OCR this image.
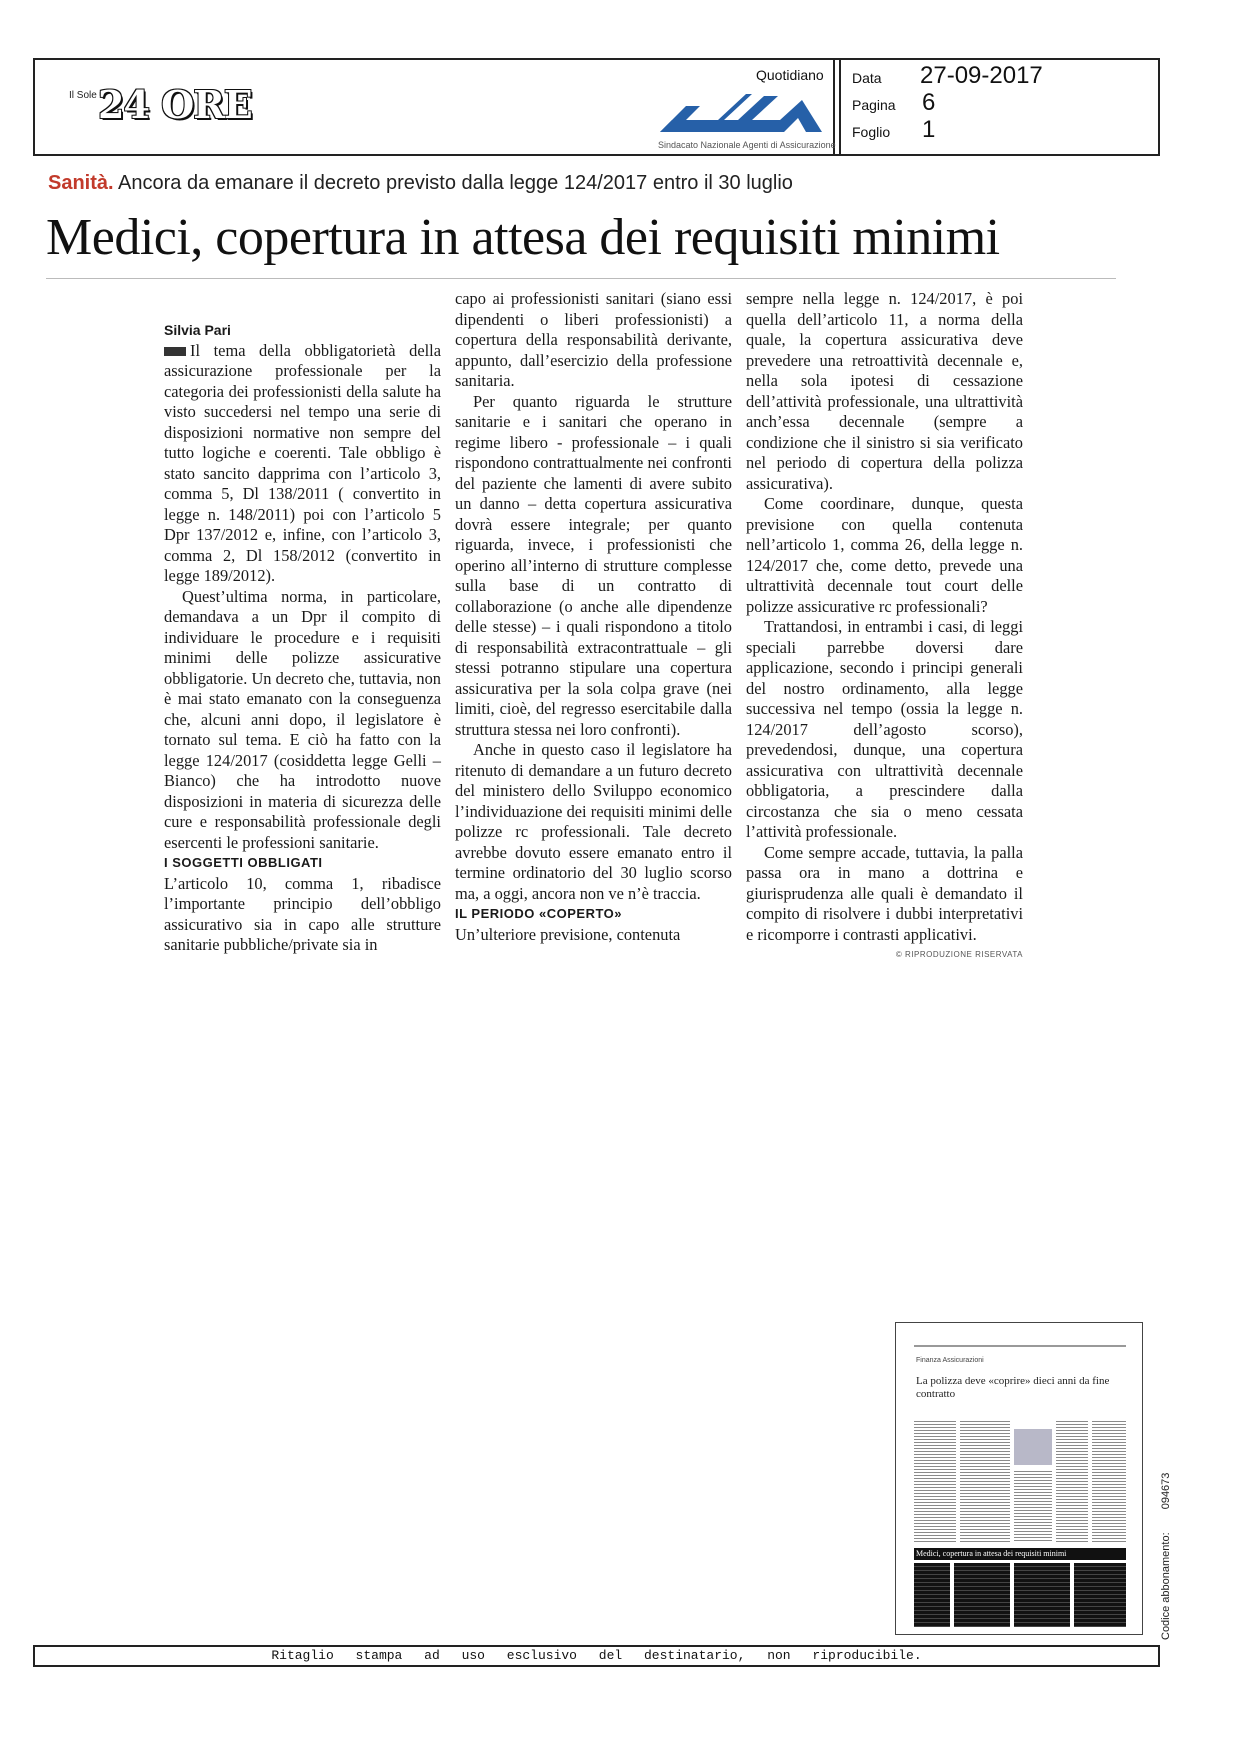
Il Sole 24 ORE
Quotidiano
Sindacato Nazionale Agenti di Assicurazione
Data 27-09-2017
Pagina 6
Foglio 1
Sanità. Ancora da emanare il decreto previsto dalla legge 124/2017 entro il 30 luglio
Medici, copertura in attesa dei requisiti minimi

Silvia Pari

Il tema della obbligatorietà della assicurazione professionale per la categoria dei professionisti della salute ha visto succedersi nel tempo una serie di disposizioni normative non sempre del tutto logiche e coerenti. Tale obbligo è stato sancito dapprima con l’articolo 3, comma 5, Dl 138/2011 ( convertito in legge n. 148/2011) poi con l’articolo 5 Dpr 137/2012 e, infine, con l’articolo 3, comma 2, Dl 158/2012 (convertito in legge 189/2012).

Quest’ultima norma, in particolare, demandava a un Dpr il compito di individuare le procedure e i requisiti minimi delle polizze assicurative obbligatorie. Un decreto che, tuttavia, non è mai stato emanato con la conseguenza che, alcuni anni dopo, il legislatore è tornato sul tema. E ciò ha fatto con la legge 124/2017 (cosiddetta legge Gelli – Bianco) che ha introdotto nuove disposizioni in materia di sicurezza delle cure e responsabilità professionale degli esercenti le professioni sanitarie.

I SOGGETTI OBBLIGATI

L’articolo 10, comma 1, ribadisce l’importante principio dell’obbligo assicurativo sia in capo alle strutture sanitarie pubbliche/private sia in

capo ai professionisti sanitari (siano essi dipendenti o liberi professionisti) a copertura della responsabilità derivante, appunto, dall’esercizio della professione sanitaria.

Per quanto riguarda le strutture sanitarie e i sanitari che operano in regime libero - professionale – i quali rispondono contrattualmente nei confronti del paziente che lamenti di avere subito un danno – detta copertura assicurativa dovrà essere integrale; per quanto riguarda, invece, i professionisti che operino all’interno di strutture complesse sulla base di un contratto di collaborazione (o anche alle dipendenze delle stesse) – i quali rispondono a titolo di responsabilità extracontrattuale – gli stessi potranno stipulare una copertura assicurativa per la sola colpa grave (nei limiti, cioè, del regresso esercitabile dalla struttura stessa nei loro confronti).

Anche in questo caso il legislatore ha ritenuto di demandare a un futuro decreto del ministero dello Sviluppo economico l’individuazione dei requisiti minimi delle polizze rc professionali. Tale decreto avrebbe dovuto essere emanato entro il termine ordinatorio del 30 luglio scorso ma, a oggi, ancora non ve n’è traccia.

IL PERIODO «COPERTO»

Un’ulteriore previsione, contenuta

sempre nella legge n. 124/2017, è poi quella dell’articolo 11, a norma della quale, la copertura assicurativa deve prevedere una retroattività decennale e, nella sola ipotesi di cessazione dell’attività professionale, una ultrattività anch’essa decennale (sempre a condizione che il sinistro si sia verificato nel periodo di copertura della polizza assicurativa).

Come coordinare, dunque, questa previsione con quella contenuta nell’articolo 1, comma 26, della legge n. 124/2017 che, come detto, prevede una ultrattività decennale tout court delle polizze assicurative rc professionali?

Trattandosi, in entrambi i casi, di leggi speciali parrebbe doversi dare applicazione, secondo i principi generali del nostro ordinamento, alla legge successiva nel tempo (ossia la legge n. 124/2017 dell’agosto scorso), prevedendosi, dunque, una copertura assicurativa con ultrattività decennale obbligatoria, a prescindere dalla circostanza che sia o meno cessata l’attività professionale.

Come sempre accade, tuttavia, la palla passa ora in mano a dottrina e giurisprudenza alle quali è demandato il compito di risolvere i dubbi interpretativi e ricomporre i contrasti applicativi.

© RIPRODUZIONE RISERVATA

Finanza Assicurazioni
La polizza deve «coprire» dieci anni da fine contratto
Medici, copertura in attesa dei requisiti minimi	Codice abbonamento: 094673
Ritaglio stampa ad uso esclusivo del destinatario, non riproducibile.
